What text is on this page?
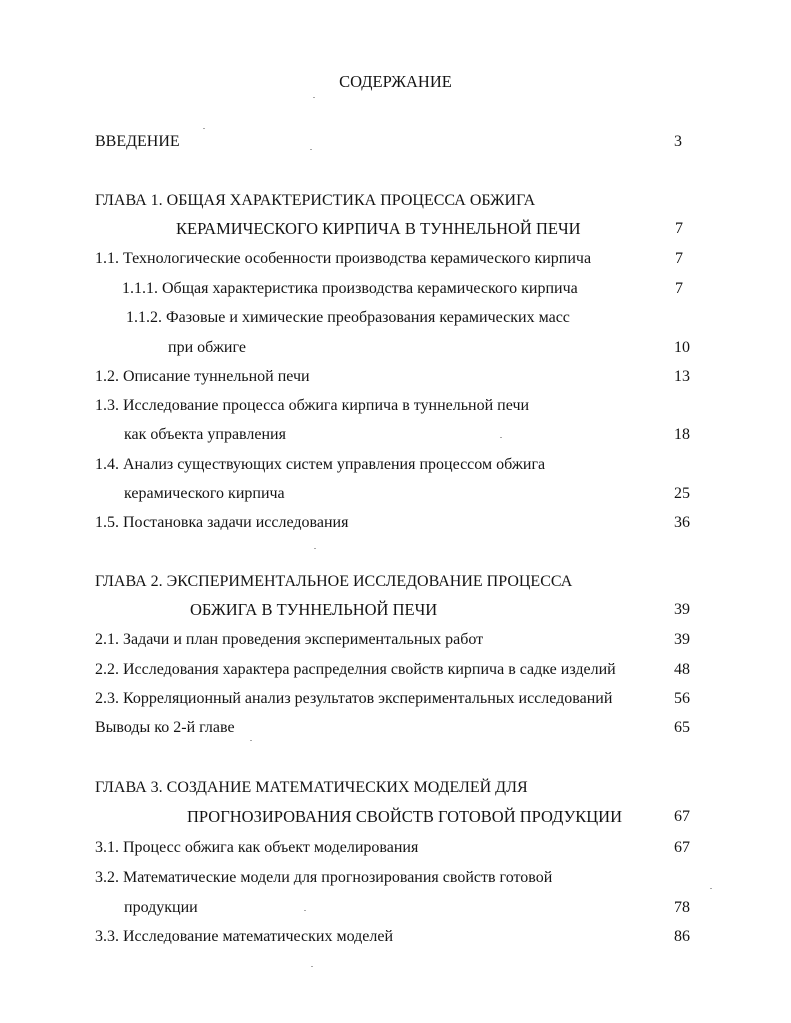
СОДЕРЖАНИЕ
ВВЕДЕНИЕ	3
ГЛАВА 1. ОБЩАЯ ХАРАКТЕРИСТИКА ПРОЦЕССА ОБЖИГА
КЕРАМИЧЕСКОГО КИРПИЧА В ТУННЕЛЬНОЙ ПЕЧИ	7
1.1. Технологические особенности производства керамического кирпича	7
1.1.1. Общая характеристика производства керамического кирпича	7
1.1.2. Фазовые и химические преобразования керамических масс
при обжиге	10
1.2. Описание туннельной печи	13
1.3. Исследование процесса обжига кирпича в туннельной печи
как объекта управления	18
1.4. Анализ существующих систем управления процессом обжига
керамического кирпича	25
1.5. Постановка задачи исследования	36
ГЛАВА 2. ЭКСПЕРИМЕНТАЛЬНОЕ ИССЛЕДОВАНИЕ ПРОЦЕССА
ОБЖИГА В ТУННЕЛЬНОЙ ПЕЧИ	39
2.1. Задачи и план проведения экспериментальных работ	39
2.2. Исследования характера распределния свойств кирпича в садке изделий	48
2.3. Корреляционный анализ результатов экспериментальных исследований	56
Выводы ко 2-й главе	65
ГЛАВА 3. СОЗДАНИЕ МАТЕМАТИЧЕСКИХ МОДЕЛЕЙ ДЛЯ
ПРОГНОЗИРОВАНИЯ СВОЙСТВ ГОТОВОЙ ПРОДУКЦИИ	67
3.1. Процесс обжига как объект моделирования	67
3.2. Математические модели для прогнозирования свойств готовой
продукции	78
3.3. Исследование математических моделей	86
